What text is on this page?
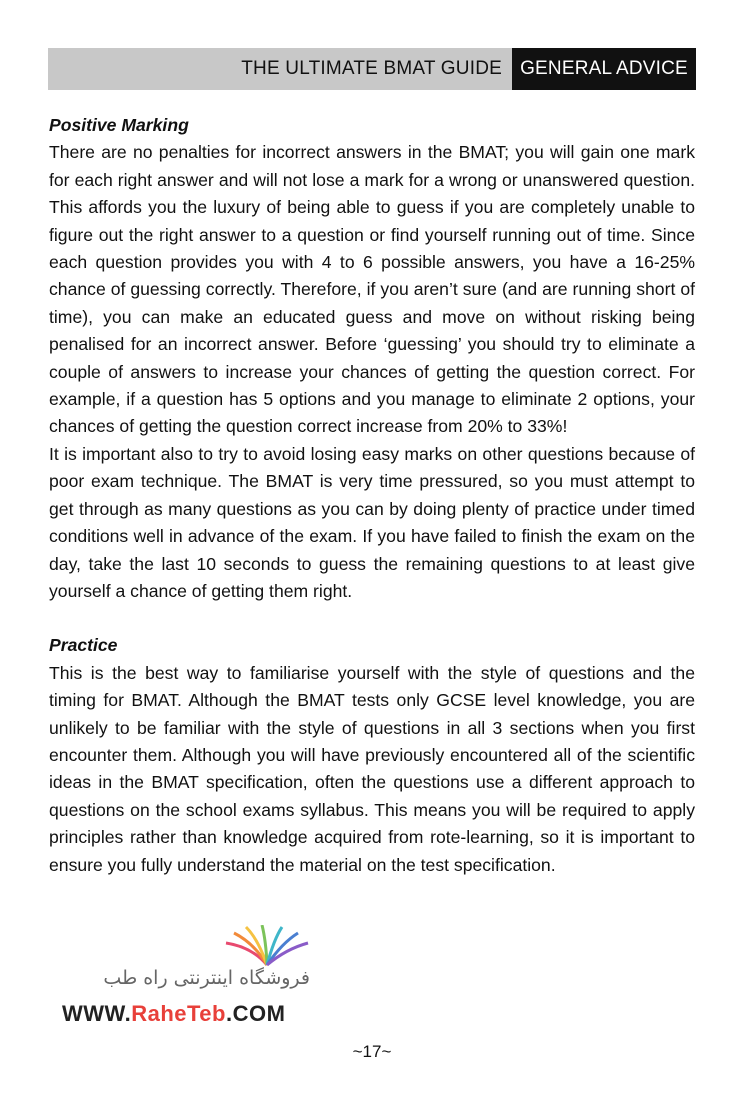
THE ULTIMATE BMAT GUIDE GENERAL ADVICE

Positive Marking

There are no penalties for incorrect answers in the BMAT; you will gain one mark for each right answer and will not lose a mark for a wrong or unanswered question. This affords you the luxury of being able to guess if you are completely unable to figure out the right answer to a question or find yourself running out of time. Since each question provides you with 4 to 6 possible answers, you have a 16-25% chance of guessing correctly. Therefore, if you aren’t sure (and are running short of time), you can make an educated guess and move on without risking being penalised for an incorrect answer. Before ‘guessing’ you should try to eliminate a couple of answers to increase your chances of getting the question correct. For example, if a question has 5 options and you manage to eliminate 2 options, your chances of getting the question correct increase from 20% to 33%!

It is important also to try to avoid losing easy marks on other questions because of poor exam technique. The BMAT is very time pressured, so you must attempt to get through as many questions as you can by doing plenty of practice under timed conditions well in advance of the exam. If you have failed to finish the exam on the day, take the last 10 seconds to guess the remaining questions to at least give yourself a chance of getting them right.

Practice

This is the best way to familiarise yourself with the style of questions and the timing for BMAT. Although the BMAT tests only GCSE level knowledge, you are unlikely to be familiar with the style of questions in all 3 sections when you first encounter them. Although you will have previously encountered all of the scientific ideas in the BMAT specification, often the questions use a different approach to questions on the school exams syllabus. This means you will be required to apply principles rather than knowledge acquired from rote-learning, so it is important to ensure you fully understand the material on the test specification.

فروشگاه اینترنتی راه طب
WWW.RaheTeb.COM
~17~
